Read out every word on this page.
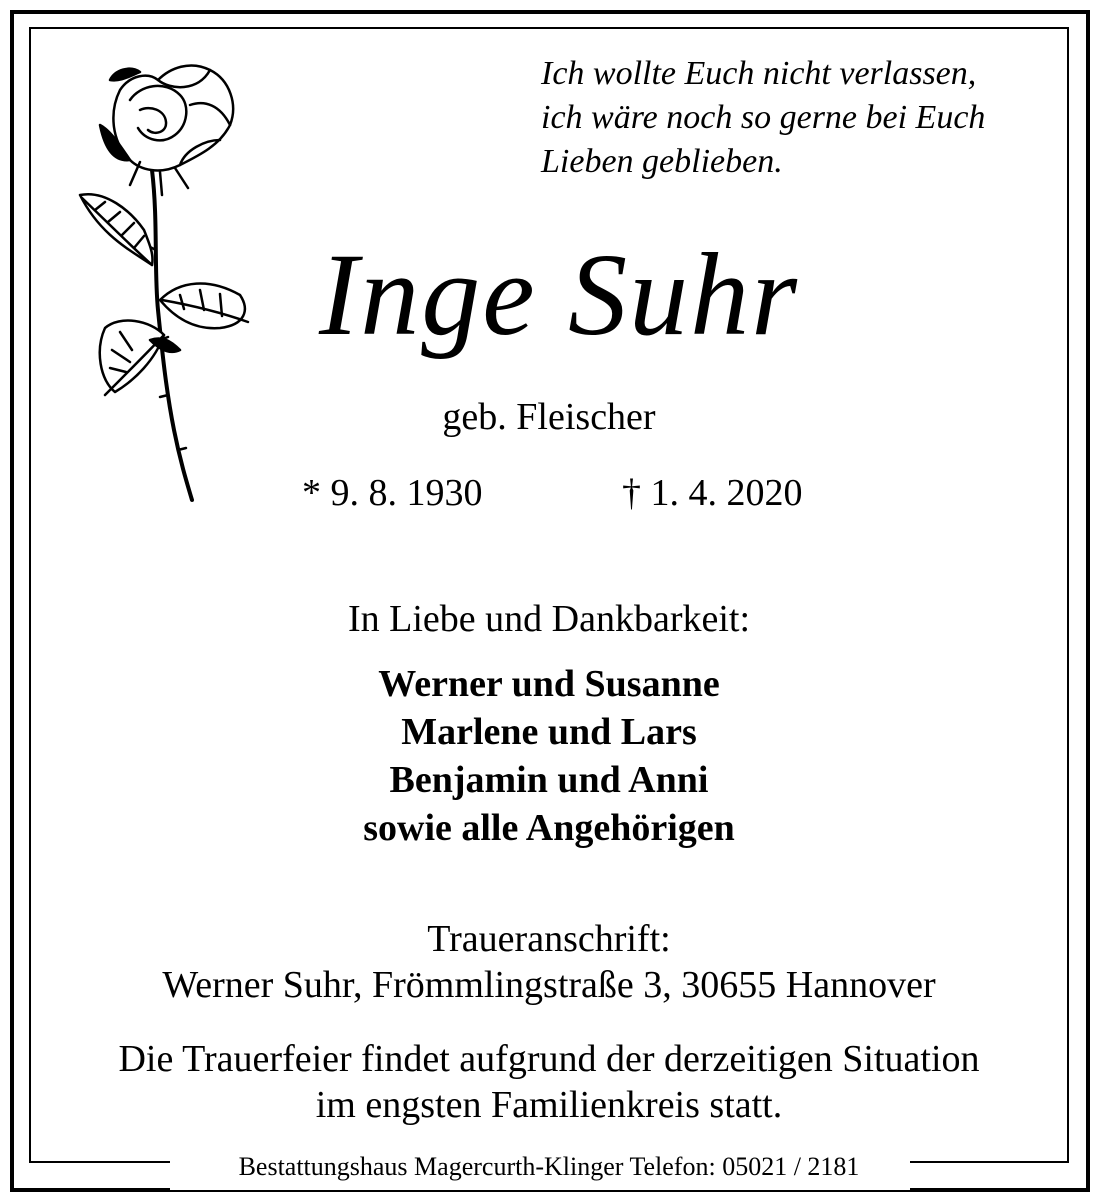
Ich wollte Euch nicht verlassen,
ich wäre noch so gerne bei Euch
Lieben geblieben.
Inge Suhr
geb. Fleischer
* 9. 8. 1930	† 1. 4. 2020
In Liebe und Dankbarkeit:
Werner und Susanne
Marlene und Lars
Benjamin und Anni
sowie alle Angehörigen
Traueranschrift:
Werner Suhr, Frömmlingstraße 3, 30655 Hannover
Die Trauerfeier findet aufgrund der derzeitigen Situation
im engsten Familienkreis statt.
Bestattungshaus Magercurth-Klinger Telefon: 05021 / 2181
